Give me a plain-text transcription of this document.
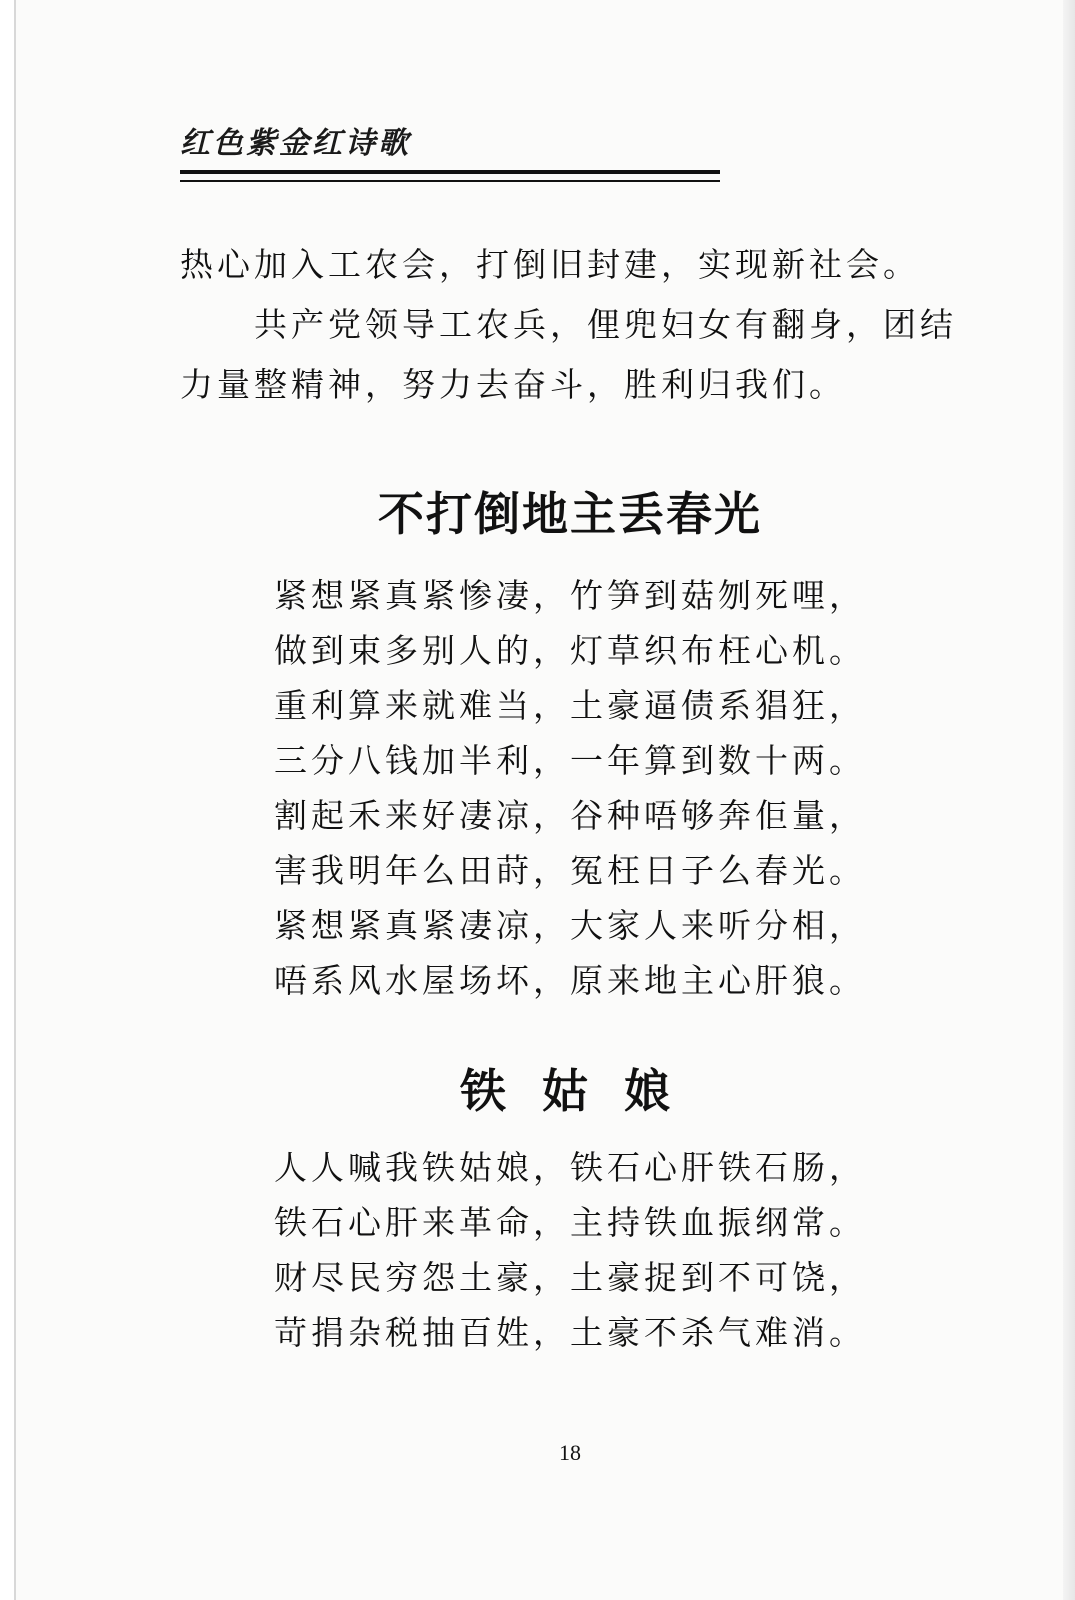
红色紫金红诗歌

热心加入工农会，打倒旧封建，实现新社会。

　　共产党领导工农兵，俚兜妇女有翻身，团结力量整精神，努力去奋斗，胜利归我们。

不打倒地主丢春光
紧想紧真紧惨凄，竹笋到菇刎死哩，
做到束多别人的，灯草织布枉心机。
重利算来就难当，土豪逼债系猖狂，
三分八钱加半利，一年算到数十两。
割起禾来好凄凉，谷种唔够奔佢量，
害我明年么田莳，冤枉日子么春光。
紧想紧真紧凄凉，大家人来听分相，
唔系风水屋场坏，原来地主心肝狼。
铁 姑 娘
人人喊我铁姑娘，铁石心肝铁石肠，
铁石心肝来革命，主持铁血振纲常。
财尽民穷怨土豪，土豪捉到不可饶，
苛捐杂税抽百姓，土豪不杀气难消。
18
